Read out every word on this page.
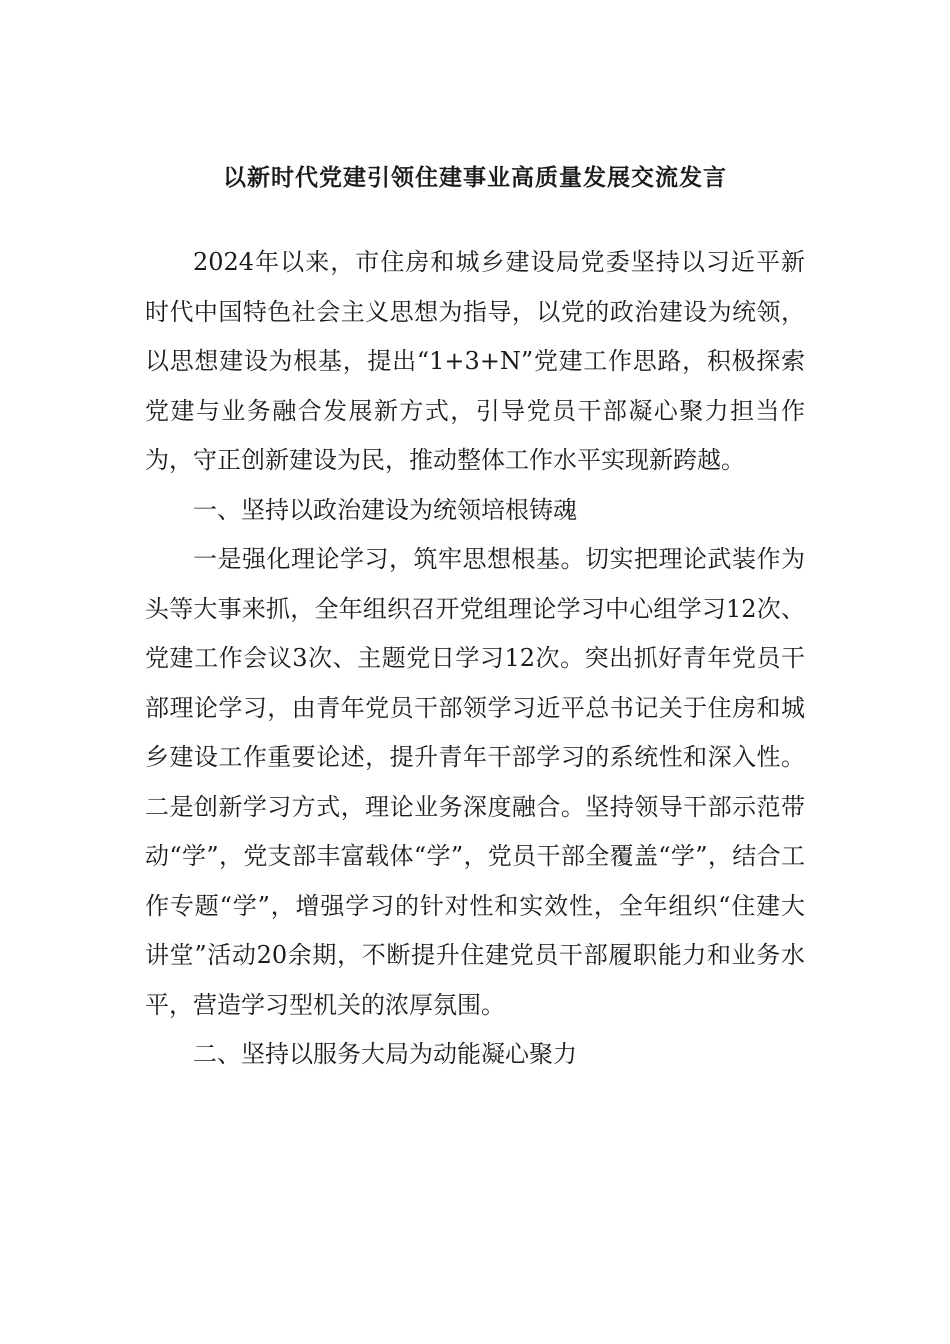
以新时代党建引领住建事业高质量发展交流发言

2024年以来，市住房和城乡建设局党委坚持以习近平新时代中国特色社会主义思想为指导，以党的政治建设为统领，以思想建设为根基，提出“1+3+N”党建工作思路，积极探索党建与业务融合发展新方式，引导党员干部凝心聚力担当作为，守正创新建设为民，推动整体工作水平实现新跨越。

一、坚持以政治建设为统领培根铸魂

一是强化理论学习，筑牢思想根基。切实把理论武装作为头等大事来抓，全年组织召开党组理论学习中心组学习12次、党建工作会议3次、主题党日学习12次。突出抓好青年党员干部理论学习，由青年党员干部领学习近平总书记关于住房和城乡建设工作重要论述，提升青年干部学习的系统性和深入性。二是创新学习方式，理论业务深度融合。坚持领导干部示范带动“学”，党支部丰富载体“学”，党员干部全覆盖“学”，结合工作专题“学”，增强学习的针对性和实效性，全年组织“住建大讲堂”活动20余期，不断提升住建党员干部履职能力和业务水平，营造学习型机关的浓厚氛围。

二、坚持以服务大局为动能凝心聚力
